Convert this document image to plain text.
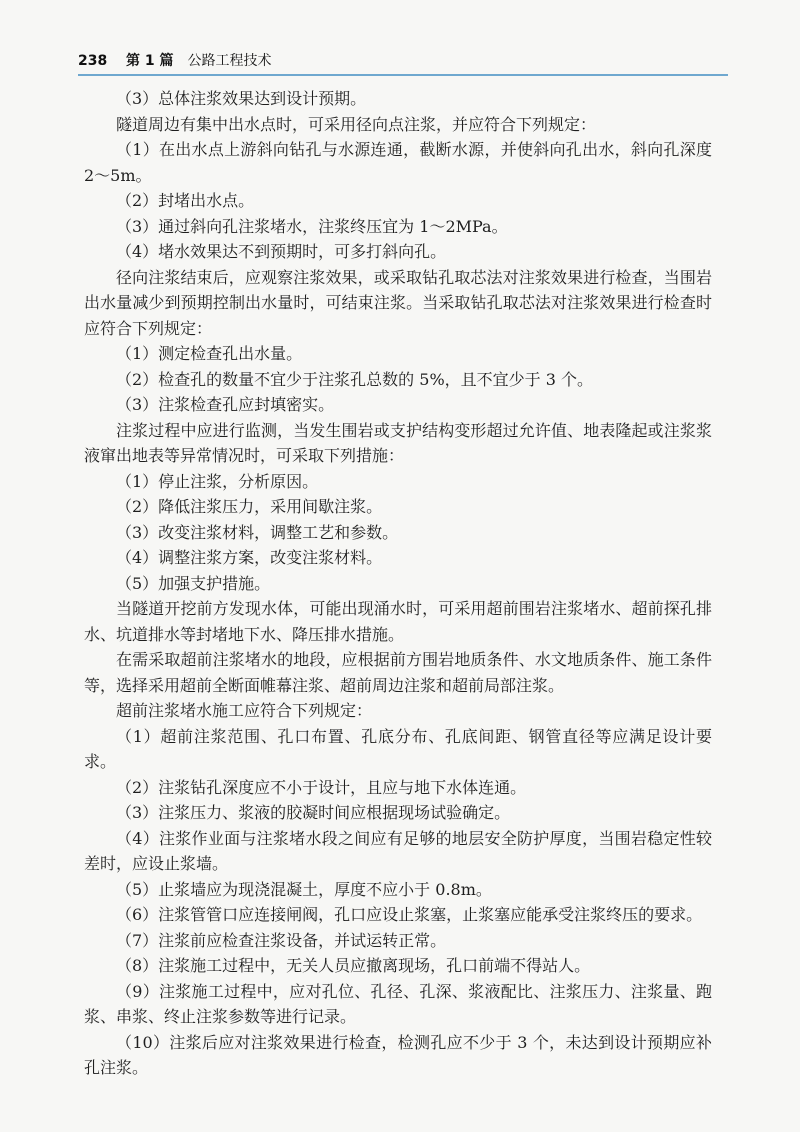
238	第 1 篇 公路工程技术

（3）总体注浆效果达到设计预期。

隧道周边有集中出水点时，可采用径向点注浆，并应符合下列规定：

（1）在出水点上游斜向钻孔与水源连通，截断水源，并使斜向孔出水，斜向孔深度 2～5m。

（2）封堵出水点。

（3）通过斜向孔注浆堵水，注浆终压宜为 1～2MPa。

（4）堵水效果达不到预期时，可多打斜向孔。

径向注浆结束后，应观察注浆效果，或采取钻孔取芯法对注浆效果进行检查，当围岩出水量减少到预期控制出水量时，可结束注浆。当采取钻孔取芯法对注浆效果进行检查时应符合下列规定：

（1）测定检查孔出水量。

（2）检查孔的数量不宜少于注浆孔总数的 5%，且不宜少于 3 个。

（3）注浆检查孔应封填密实。

注浆过程中应进行监测，当发生围岩或支护结构变形超过允许值、地表隆起或注浆浆液窜出地表等异常情况时，可采取下列措施：

（1）停止注浆，分析原因。

（2）降低注浆压力，采用间歇注浆。

（3）改变注浆材料，调整工艺和参数。

（4）调整注浆方案，改变注浆材料。

（5）加强支护措施。

当隧道开挖前方发现水体，可能出现涌水时，可采用超前围岩注浆堵水、超前探孔排水、坑道排水等封堵地下水、降压排水措施。

在需采取超前注浆堵水的地段，应根据前方围岩地质条件、水文地质条件、施工条件等，选择采用超前全断面帷幕注浆、超前周边注浆和超前局部注浆。

超前注浆堵水施工应符合下列规定：

（1）超前注浆范围、孔口布置、孔底分布、孔底间距、钢管直径等应满足设计要求。

（2）注浆钻孔深度应不小于设计，且应与地下水体连通。

（3）注浆压力、浆液的胶凝时间应根据现场试验确定。

（4）注浆作业面与注浆堵水段之间应有足够的地层安全防护厚度，当围岩稳定性较差时，应设止浆墙。

（5）止浆墙应为现浇混凝土，厚度不应小于 0.8m。

（6）注浆管管口应连接闸阀，孔口应设止浆塞，止浆塞应能承受注浆终压的要求。

（7）注浆前应检查注浆设备，并试运转正常。

（8）注浆施工过程中，无关人员应撤离现场，孔口前端不得站人。

（9）注浆施工过程中，应对孔位、孔径、孔深、浆液配比、注浆压力、注浆量、跑浆、串浆、终止注浆参数等进行记录。

（10）注浆后应对注浆效果进行检查，检测孔应不少于 3 个，未达到设计预期应补孔注浆。
